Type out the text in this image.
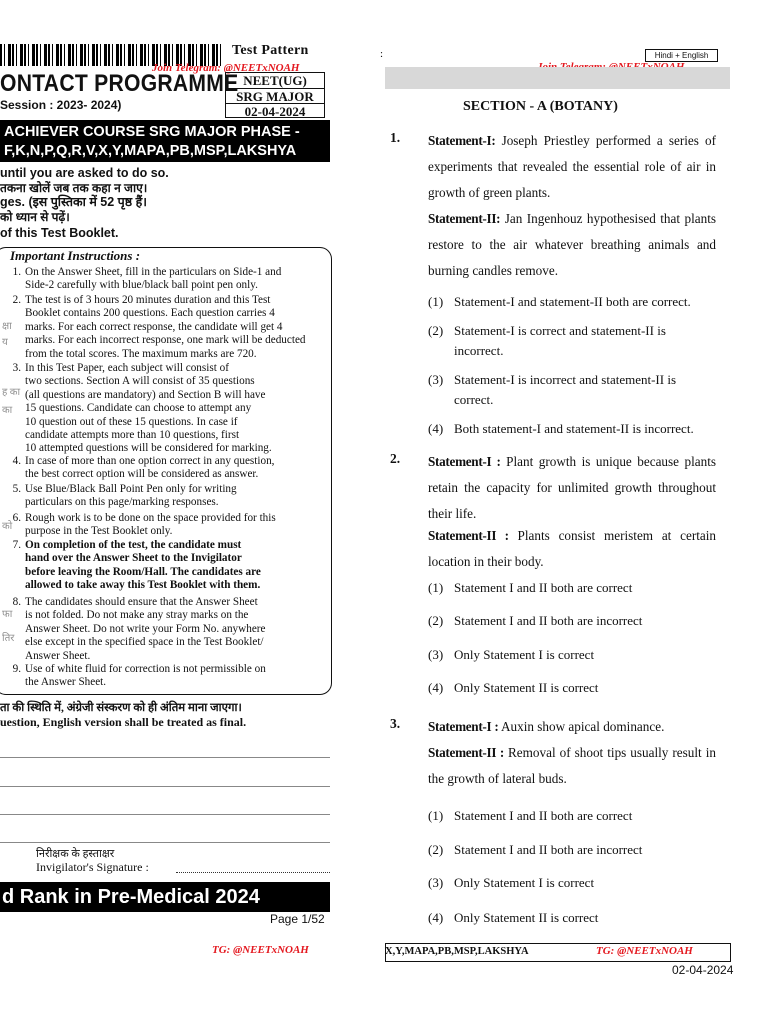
Test Pattern
Join Telegram: @NEETxNOAH
ONTACT PROGRAMME
Session : 2023- 2024)
NEET(UG)
SRG MAJOR
02-04-2024
ACHIEVER COURSE SRG MAJOR PHASE -
F,K,N,P,Q,R,V,X,Y,MAPA,PB,MSP,LAKSHYA
until you are asked to do so.
तकना खोलें जब तक कहा न जाए।
ges. (इस पुस्तिका में 52 पृष्ठ हैं।
को ध्यान से पढ़ें।
of this Test Booklet.
Important Instructions :
1. On the Answer Sheet, fill in the particulars on Side-1 and
Side-2 carefully with blue/black ball point pen only.
2. The test is of 3 hours 20 minutes duration and this Test
Booklet contains 200 questions. Each question carries 4
marks. For each correct response, the candidate will get 4
marks. For each incorrect response, one mark will be deducted
from the total scores. The maximum marks are 720.
3. In this Test Paper, each subject will consist of
two sections. Section A will consist of 35 questions
(all questions are mandatory) and Section B will have
15 questions. Candidate can choose to attempt any
10 question out of these 15 questions. In case if
candidate attempts more than 10 questions, first
10 attempted questions will be considered for marking.
4. In case of more than one option correct in any question,
the best correct option will be considered as answer.
5. Use Blue/Black Ball Point Pen only for writing
particulars on this page/marking responses.
6. Rough work is to be done on the space provided for this
purpose in the Test Booklet only.
7. On completion of the test, the candidate must
hand over the Answer Sheet to the Invigilator
before leaving the Room/Hall. The candidates are
allowed to take away this Test Booklet with them.
8. The candidates should ensure that the Answer Sheet
is not folded. Do not make any stray marks on the
Answer Sheet. Do not write your Form No. anywhere
else except in the specified space in the Test Booklet/
Answer Sheet.
9. Use of white fluid for correction is not permissible on
the Answer Sheet.
क्षा
य
ह का
का
को
फा
तिर
ता की स्थिति में, अंग्रेजी संस्करण को ही अंतिम माना जाएगा।
uestion, English version shall be treated as final.
निरीक्षक के हस्ताक्षर
Invigilator's Signature :
d Rank in Pre-Medical 2024
Page 1/52
TG: @NEETxNOAH
:	Hindi + English
SECTION - A (BOTANY)
1. Statement-I: Joseph Priestley performed a series of experiments that revealed the essential role of air in growth of green plants.
Statement-II: Jan Ingenhouz hypothesised that plants restore to the air whatever breathing animals and burning candles remove.
(1) Statement-I and statement-II both are correct.
(2) Statement-I is correct and statement-II is incorrect.
(3) Statement-I is incorrect and statement-II is correct.
(4) Both statement-I and statement-II is incorrect.
2. Statement-I : Plant growth is unique because plants retain the capacity for unlimited growth throughout their life.
Statement-II : Plants consist meristem at certain location in their body.
(1) Statement I and II both are correct
(2) Statement I and II both are incorrect
(3) Only Statement I is correct
(4) Only Statement II is correct
3. Statement-I : Auxin show apical dominance.
Statement-II : Removal of shoot tips usually result in the growth of lateral buds.
(1) Statement I and II both are correct
(2) Statement I and II both are incorrect
(3) Only Statement I is correct
(4) Only Statement II is correct
X,Y,MAPA,PB,MSP,LAKSHYA	TG: @NEETxNOAH
02-04-2024
